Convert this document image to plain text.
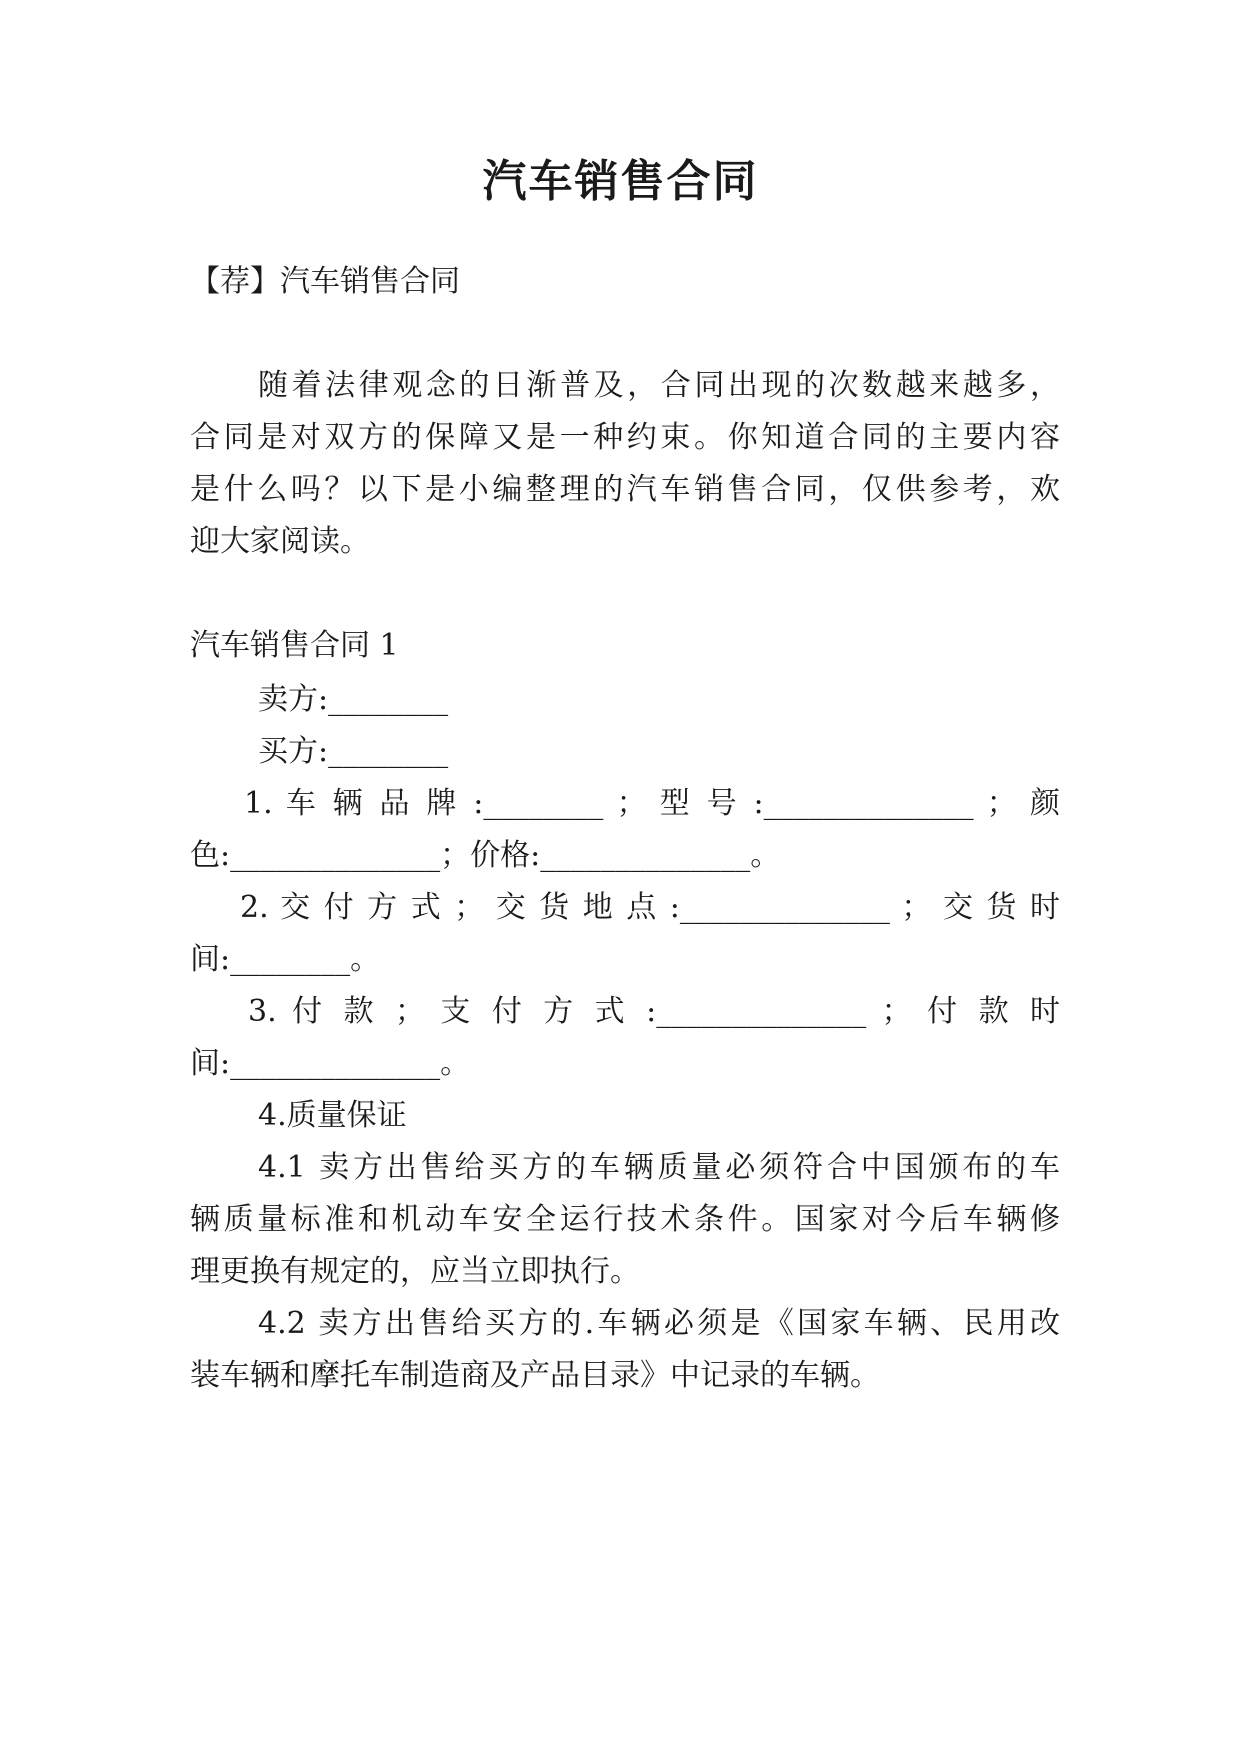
汽车销售合同
【荐】汽车销售合同
随着法律观念的日渐普及，合同出现的次数越来越多，
合同是对双方的保障又是一种约束。你知道合同的主要内容
是什么吗？以下是小编整理的汽车销售合同，仅供参考，欢
迎大家阅读。
汽车销售合同 1
卖方:________
买方:________
1. 车 辆 品 牌 :________ ； 型 号 :______________ ； 颜
色:______________；价格:______________。
2. 交 付 方 式 ； 交 货 地 点 :______________ ； 交 货 时
间:________。
3. 付 款 ； 支 付 方 式 :______________ ； 付 款 时
间:______________。
4.质量保证
4.1 卖方出售给买方的车辆质量必须符合中国颁布的车
辆质量标准和机动车安全运行技术条件。国家对今后车辆修
理更换有规定的，应当立即执行。
4.2 卖方出售给买方的.车辆必须是《国家车辆、民用改
装车辆和摩托车制造商及产品目录》中记录的车辆。
